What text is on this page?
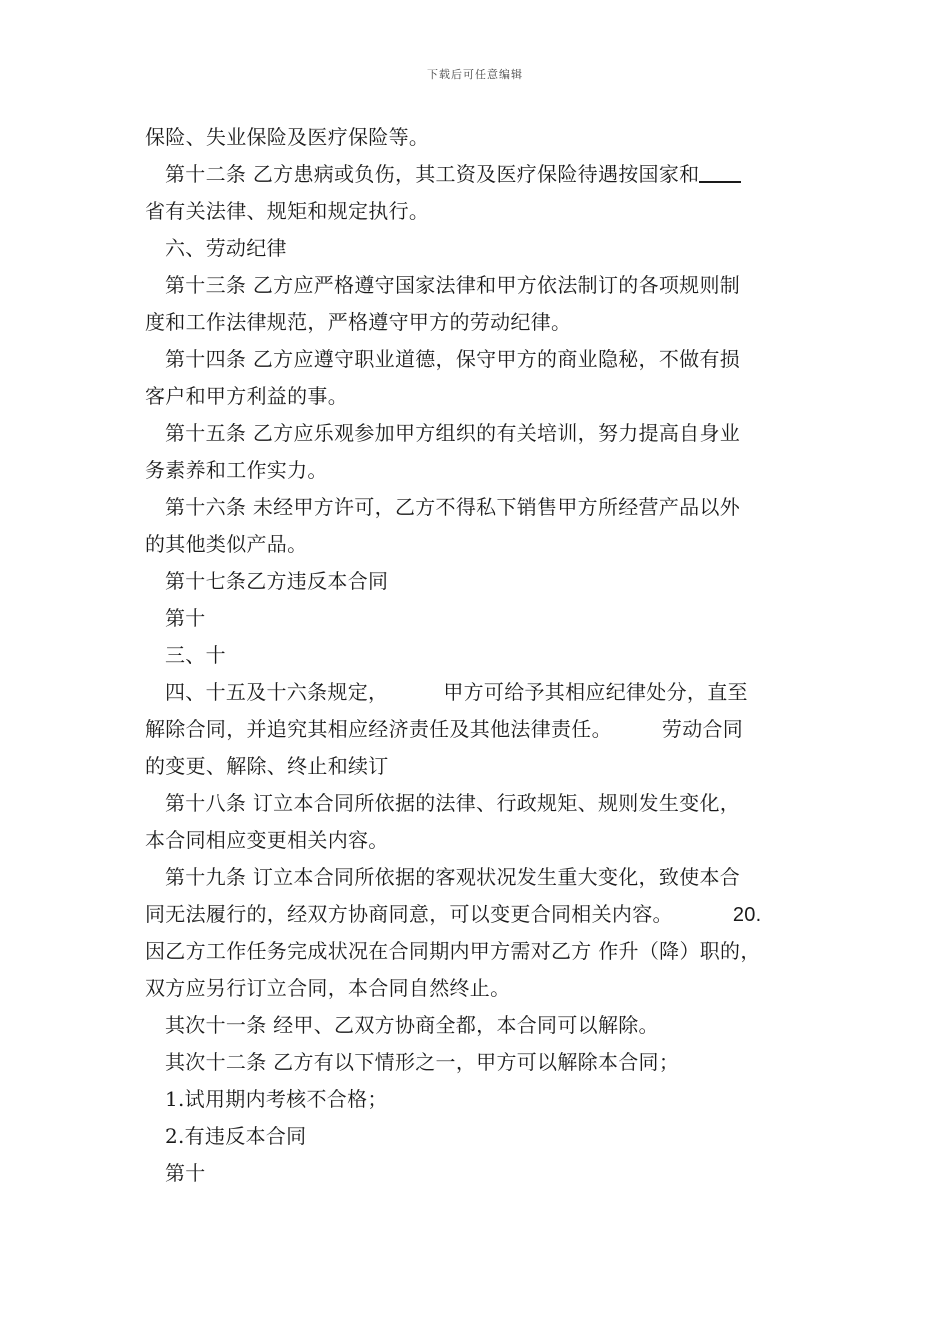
下载后可任意编辑
保险、失业保险及医疗保险等。
第十二条 乙方患病或负伤，其工资及医疗保险待遇按国家和
省有关法律、规矩和规定执行。
六、劳动纪律
第十三条 乙方应严格遵守国家法律和甲方依法制订的各项规则制
度和工作法律规范，严格遵守甲方的劳动纪律。
第十四条 乙方应遵守职业道德，保守甲方的商业隐秘，不做有损
客户和甲方利益的事。
第十五条 乙方应乐观参加甲方组织的有关培训，努力提高自身业
务素养和工作实力。
第十六条 未经甲方许可，乙方不得私下销售甲方所经营产品以外
的其他类似产品。
第十七条乙方违反本合同
第十
三、十
四、十五及十六条规定，	甲方可给予其相应纪律处分，直至
解除合同，并追究其相应经济责任及其他法律责任。	劳动合同
的变更、解除、终止和续订
第十八条 订立本合同所依据的法律、行政规矩、规则发生变化，
本合同相应变更相关内容。
第十九条 订立本合同所依据的客观状况发生重大变化，致使本合
同无法履行的，经双方协商同意，可以变更合同相关内容。	20.
因乙方工作任务完成状况在合同期内甲方需对乙方 作升（降）职的，
双方应另行订立合同，本合同自然终止。
其次十一条 经甲、乙双方协商全都，本合同可以解除。
其次十二条 乙方有以下情形之一，甲方可以解除本合同；
1.试用期内考核不合格；
2.有违反本合同
第十
